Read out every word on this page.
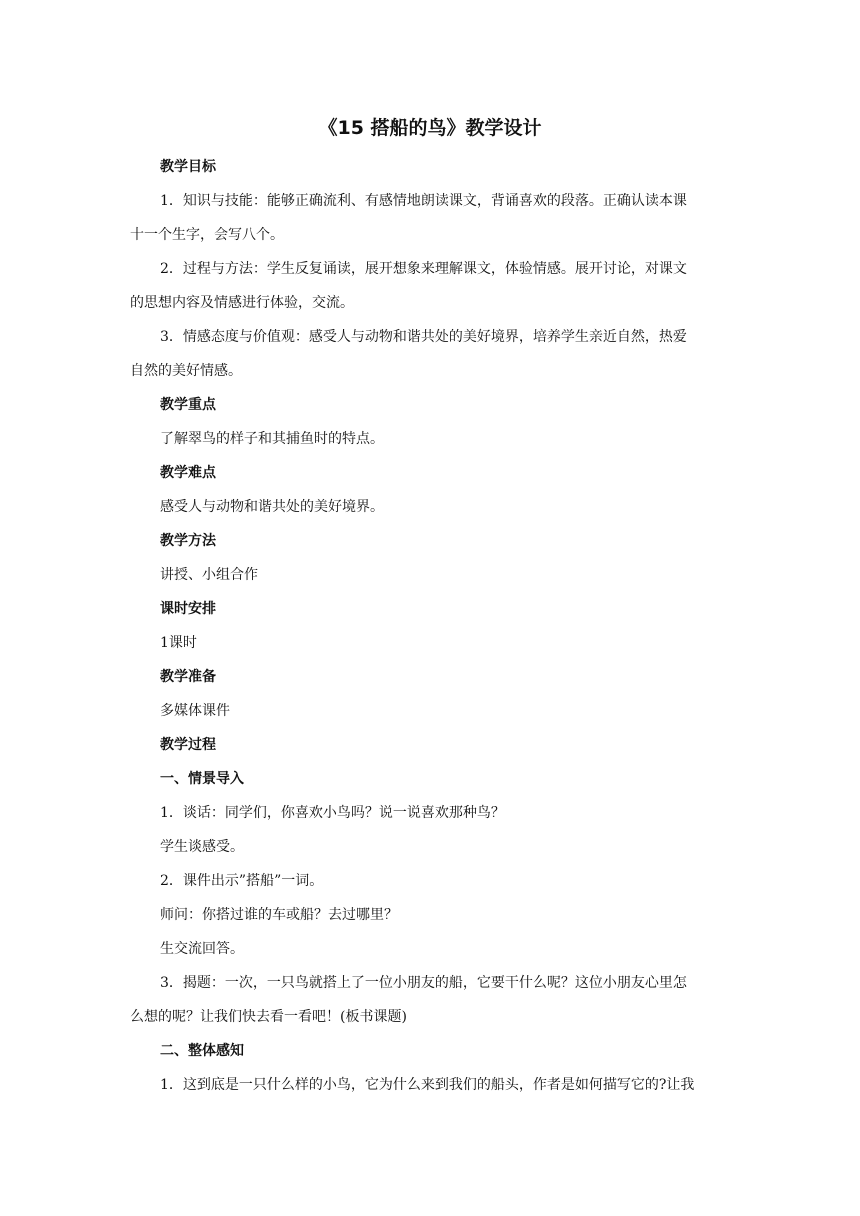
《15 搭船的鸟》教学设计
教学目标
1．知识与技能：能够正确流利、有感情地朗读课文，背诵喜欢的段落。正确认读本课
十一个生字，会写八个。
2．过程与方法：学生反复诵读，展开想象来理解课文，体验情感。展开讨论，对课文
的思想内容及情感进行体验，交流。
3．情感态度与价值观：感受人与动物和谐共处的美好境界，培养学生亲近自然，热爱
自然的美好情感。
教学重点
了解翠鸟的样子和其捕鱼时的特点。
教学难点
感受人与动物和谐共处的美好境界。
教学方法
讲授、小组合作
课时安排
1课时
教学准备
多媒体课件
教学过程
一、情景导入
1．谈话：同学们，你喜欢小鸟吗？说一说喜欢那种鸟？
学生谈感受。
2．课件出示”搭船”一词。
师问：你搭过谁的车或船？去过哪里？
生交流回答。
3．揭题：一次，一只鸟就搭上了一位小朋友的船，它要干什么呢？这位小朋友心里怎
么想的呢？让我们快去看一看吧！(板书课题)
二、整体感知
1．这到底是一只什么样的小鸟，它为什么来到我们的船头，作者是如何描写它的?让我
